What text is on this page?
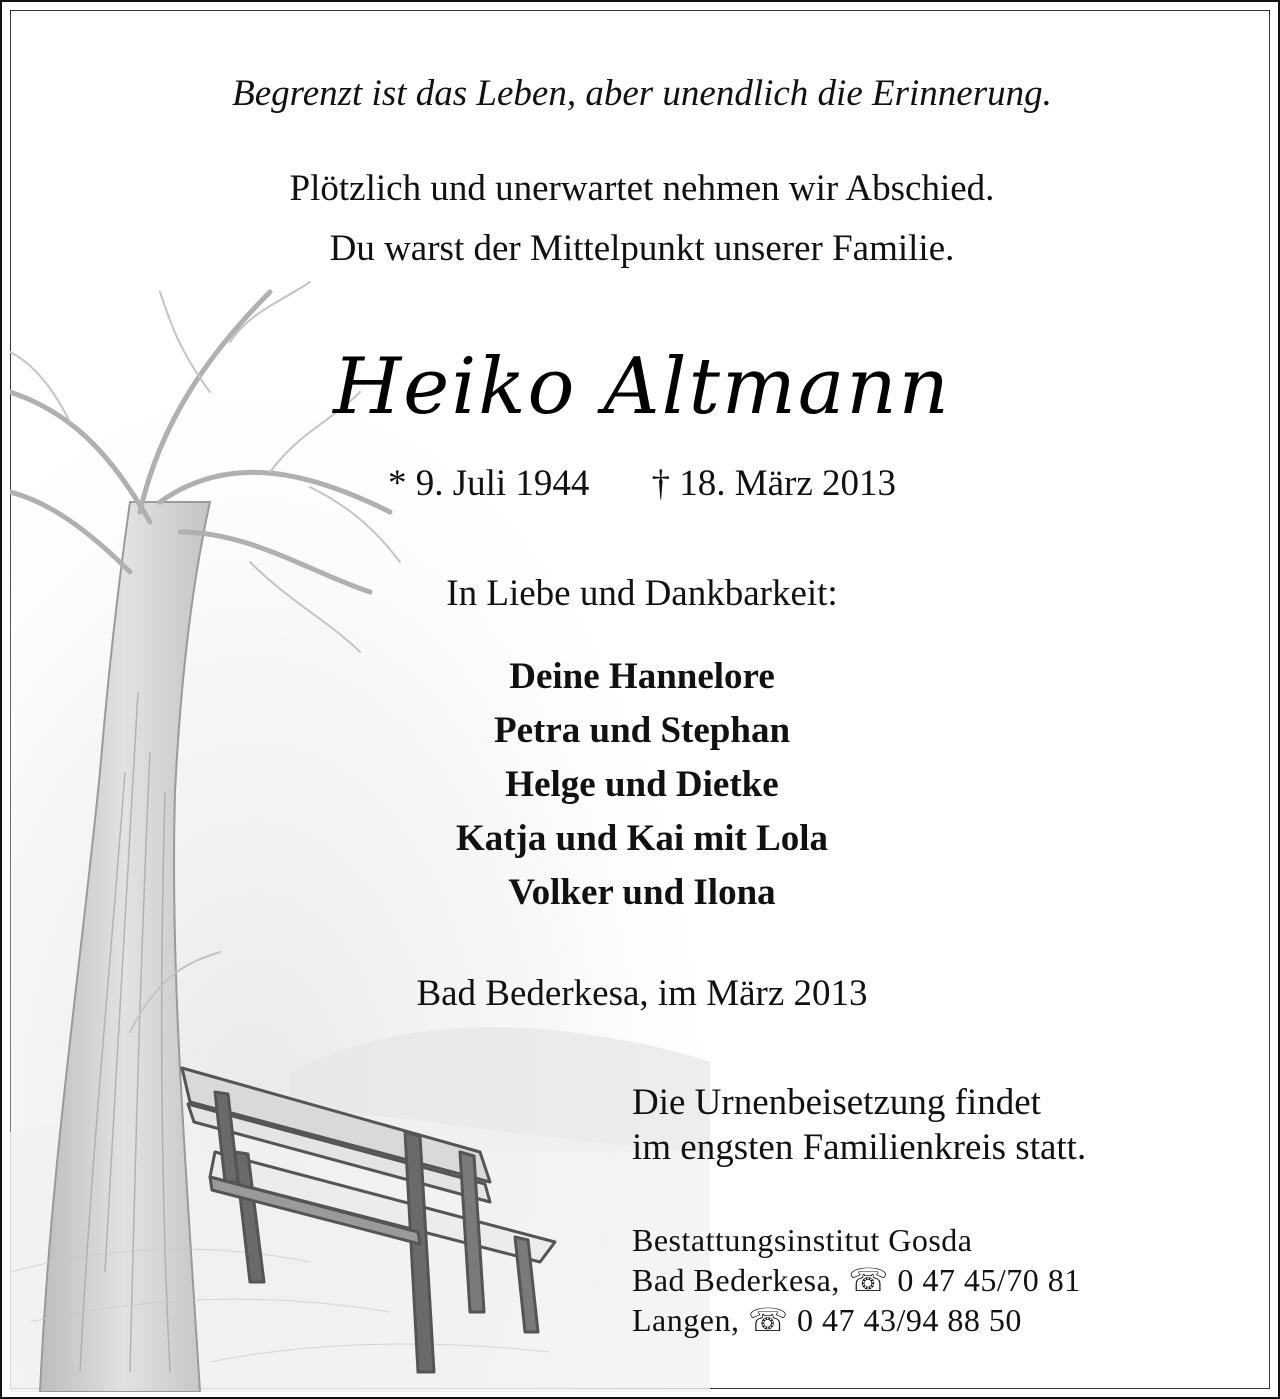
Begrenzt ist das Leben, aber unendlich die Erinnerung.
Plötzlich und unerwartet nehmen wir Abschied.
Du warst der Mittelpunkt unserer Familie.
Heiko Altmann
* 9. Juli 1944 † 18. März 2013
In Liebe und Dankbarkeit:
Deine Hannelore
Petra und Stephan
Helge und Dietke
Katja und Kai mit Lola
Volker und Ilona
Bad Bederkesa, im März 2013
Die Urnenbeisetzung findet
im engsten Familienkreis statt.
Bestattungsinstitut Gosda
Bad Bederkesa, ☏ 0 47 45/70 81
Langen, ☏ 0 47 43/94 88 50
